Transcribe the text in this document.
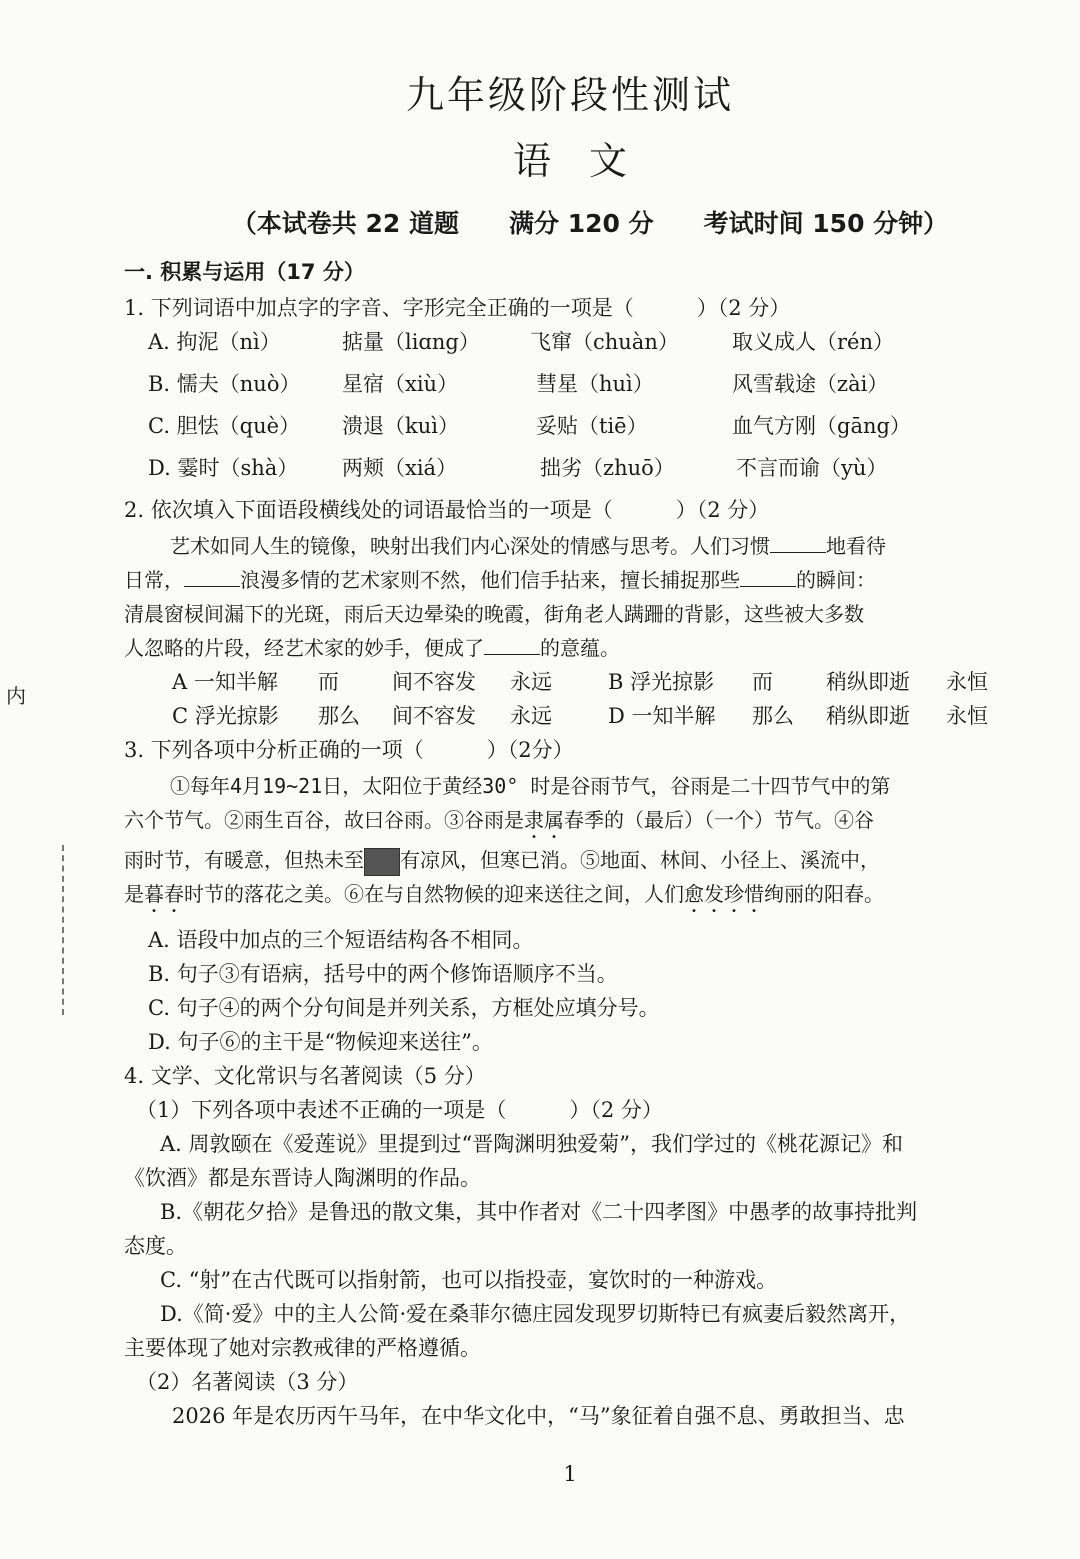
内
九年级阶段性测试
语　文
（本试卷共 22 道题　　满分 120 分　　考试时间 150 分钟）
一. 积累与运用（17 分）
1. 下列词语中加点字的字音、字形完全正确的一项是（　　　）（2 分）
A. 拘泥（nì）	掂量（liɑng） 飞窜（chuàn）	取义成人（rén）
B. 懦夫（nuò） 星宿（xiù）	彗星（huì）	风雪载途（zài）
C. 胆怯（què） 溃退（kuì）	妥贴（tiē）	血气方刚（gāng）
D. 霎时（shà） 两颊（xiá）	拙劣（zhuō）	不言而谕（yù）
2. 依次填入下面语段横线处的词语最恰当的一项是（　　　）（2 分）
艺术如同人生的镜像，映射出我们内心深处的情感与思考。人们习惯	地看待
日常，	浪漫多情的艺术家则不然，他们信手拈来，擅长捕捉那些	的瞬间：
清晨窗棂间漏下的光斑，雨后天边晕染的晚霞，街角老人蹒跚的背影，这些被大多数
人忽略的片段，经艺术家的妙手，便成了	的意蕴。
A 一知半解 而	间不容发 永远	B 浮光掠影 而	稍纵即逝 永恒
C 浮光掠影 那么 间不容发 永远	D 一知半解 那么 稍纵即逝 永恒
3. 下列各项中分析正确的一项（　　　）（2分）
①每年4月19~21日，太阳位于黄经30° 时是谷雨节气，谷雨是二十四节气中的第
六个节气。②雨生百谷，故曰谷雨。③谷雨是隶属春季的（最后）（一个）节气。④谷
雨时节，有暖意，但热未至 有凉风，但寒已消。⑤地面、林间、小径上、溪流中，
是暮春时节的落花之美。⑥在与自然物候的迎来送往之间，人们愈发珍惜绚丽的阳春。
A. 语段中加点的三个短语结构各不相同。
B. 句子③有语病，括号中的两个修饰语顺序不当。
C. 句子④的两个分句间是并列关系，方框处应填分号。
D. 句子⑥的主干是“物候迎来送往”。
4. 文学、文化常识与名著阅读（5 分）
（1）下列各项中表述不正确的一项是（　　　）（2 分）
A. 周敦颐在《爱莲说》里提到过“晋陶渊明独爱菊”，我们学过的《桃花源记》和
《饮酒》都是东晋诗人陶渊明的作品。
B.《朝花夕拾》是鲁迅的散文集，其中作者对《二十四孝图》中愚孝的故事持批判
态度。
C. “射”在古代既可以指射箭，也可以指投壶，宴饮时的一种游戏。
D.《简·爱》中的主人公简·爱在桑菲尔德庄园发现罗切斯特已有疯妻后毅然离开，
主要体现了她对宗教戒律的严格遵循。
（2）名著阅读（3 分）
2026 年是农历丙午马年，在中华文化中，“马”象征着自强不息、勇敢担当、忠
1
